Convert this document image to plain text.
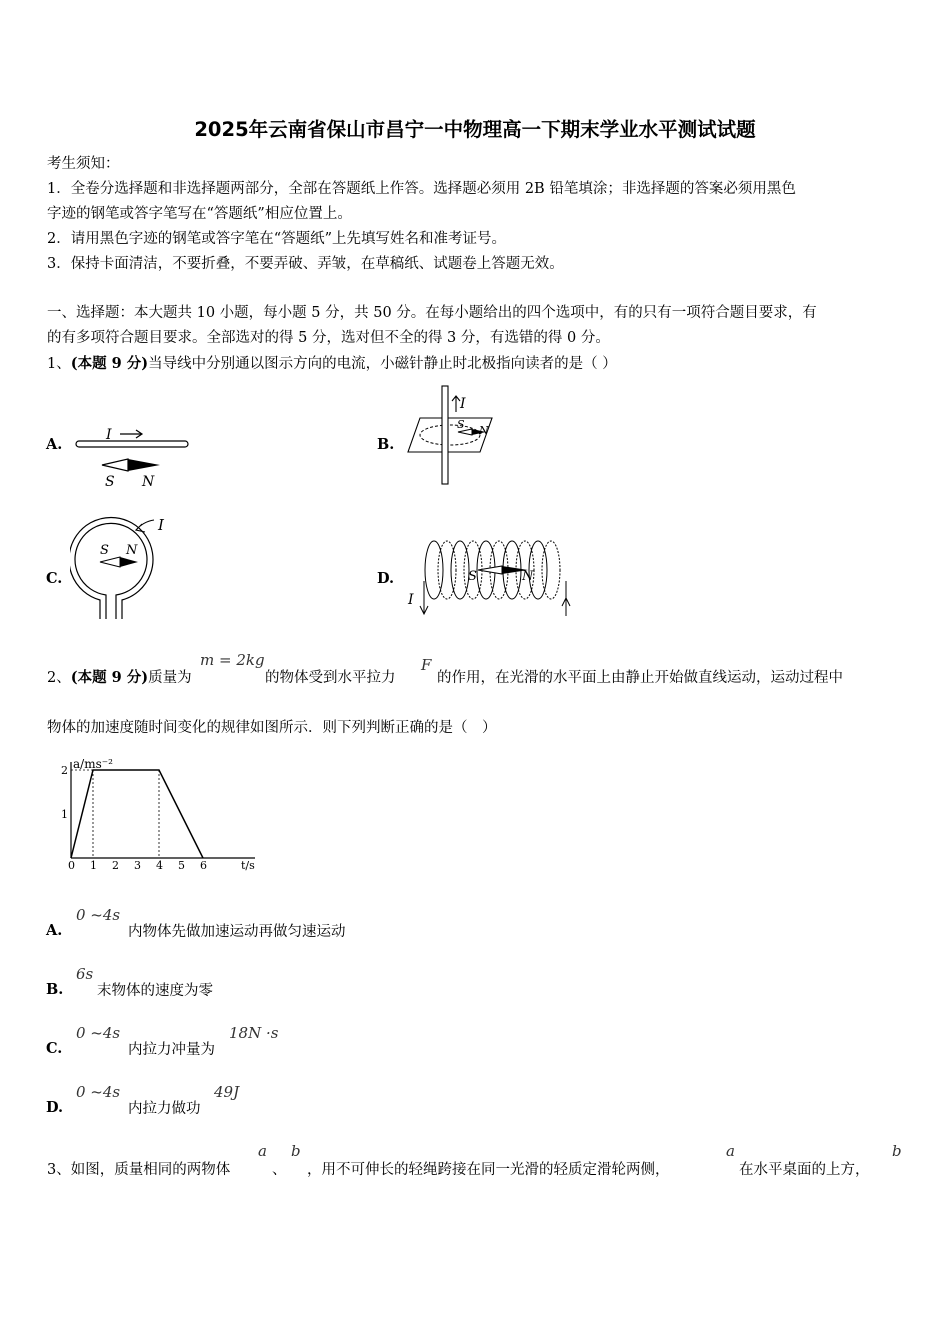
2025年云南省保山市昌宁一中物理高一下期末学业水平测试试题
考生须知：
1．全卷分选择题和非选择题两部分，全部在答题纸上作答。选择题必须用 2B 铅笔填涂；非选择题的答案必须用黑色
字迹的钢笔或答字笔写在“答题纸”相应位置上。
2．请用黑色字迹的钢笔或答字笔在“答题纸”上先填写姓名和准考证号。
3．保持卡面清洁，不要折叠，不要弄破、弄皱，在草稿纸、试题卷上答题无效。
一、选择题：本大题共 10 小题，每小题 5 分，共 50 分。在每小题给出的四个选项中，有的只有一项符合题目要求，有
的有多项符合题目要求。全部选对的得 5 分，选对但不全的得 3 分，有选错的得 0 分。
1、(本题 9 分)当导线中分别通以图示方向的电流，小磁针静止时北极指向读者的是（ ）
A.	B.
C.	D.
I
S N
I
S N
I
S N
I
S	N
2、(本题 9 分)质量为
m = 2kg
的物体受到水平拉力
F
的作用，在光滑的水平面上由静止开始做直线运动，运动过程中
物体的加速度随时间变化的规律如图所示．则下列判断正确的是（　）
a/ms⁻²
t/s
0 1 2 3 4 5 6
1
2
A.
0 ~4s
内物体先做加速运动再做匀速运动
B.
6s
末物体的速度为零
C.
0 ~4s
内拉力冲量为
18N ·s
D.
0 ~4s
内拉力做功
49J
3、如图，质量相同的两物体
a
、
b
，用不可伸长的轻绳跨接在同一光滑的轻质定滑轮两侧，
a
在水平桌面的上方，
b
